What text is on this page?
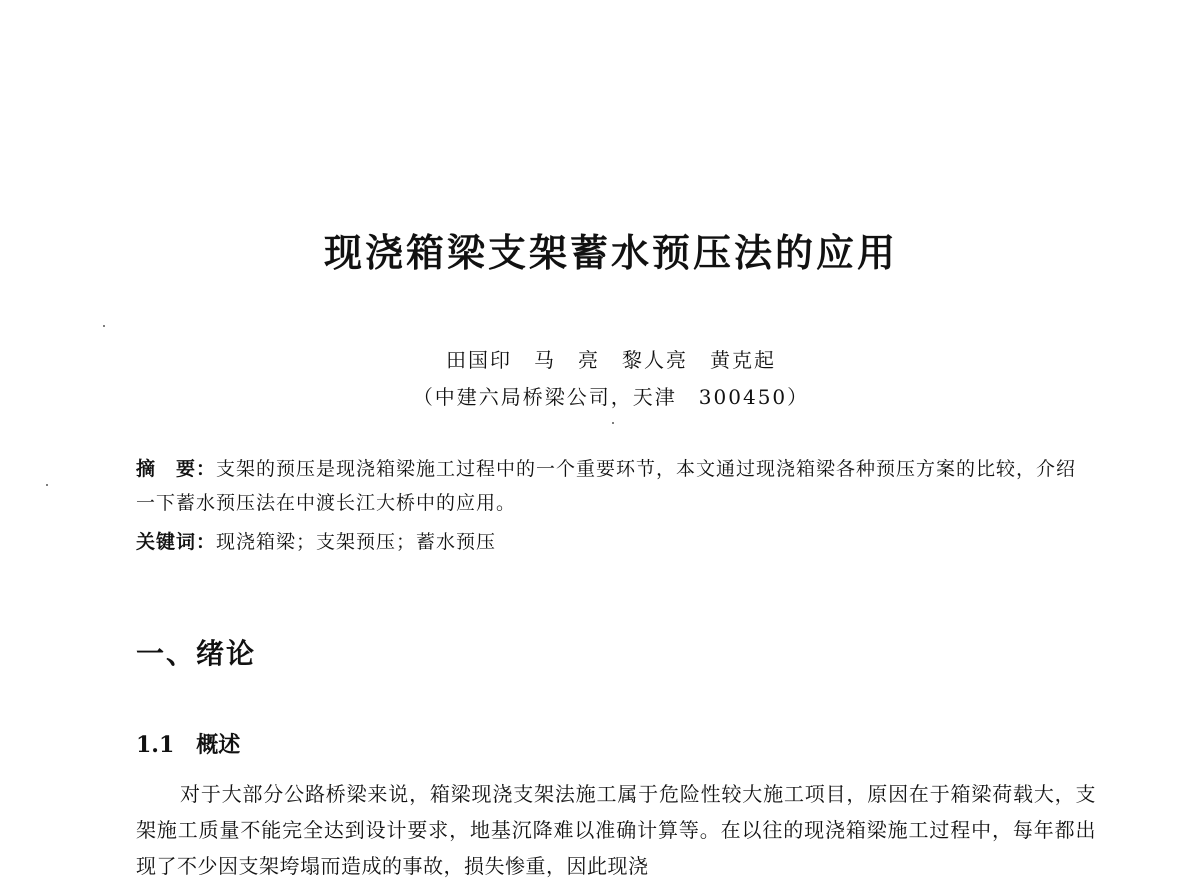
现浇箱梁支架蓄水预压法的应用
田国印　马　亮　黎人亮　黄克起
（中建六局桥梁公司，天津　300450）
摘　要：支架的预压是现浇箱梁施工过程中的一个重要环节，本文通过现浇箱梁各种预压方案的比较，介绍一下蓄水预压法在中渡长江大桥中的应用。
关键词：现浇箱梁；支架预压；蓄水预压
一、绪论
1.1 概述
对于大部分公路桥梁来说，箱梁现浇支架法施工属于危险性较大施工项目，原因在于箱梁荷载大，支架施工质量不能完全达到设计要求，地基沉降难以准确计算等。在以往的现浇箱梁施工过程中，每年都出现了不少因支架垮塌而造成的事故，损失惨重，因此现浇
